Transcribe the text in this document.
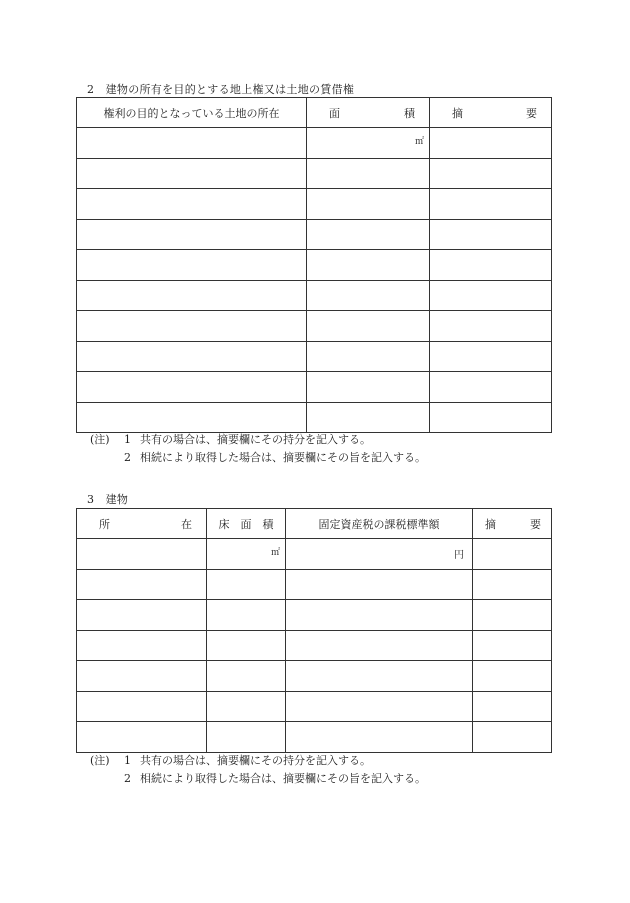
2　建物の所有を目的とする地上権又は土地の賃借権
権利の目的となっている土地の所在	面 積	摘 要

	$_㎡$	

(注) 1 共有の場合は、摘要欄にその持分を記入する。
2 相続により取得した場合は、摘要欄にその旨を記入する。
3　建物
所 在	床　面　積	固定資産税の課税標準額	摘 要

	$_㎡$	円	

(注) 1 共有の場合は、摘要欄にその持分を記入する。
2 相続により取得した場合は、摘要欄にその旨を記入する。
